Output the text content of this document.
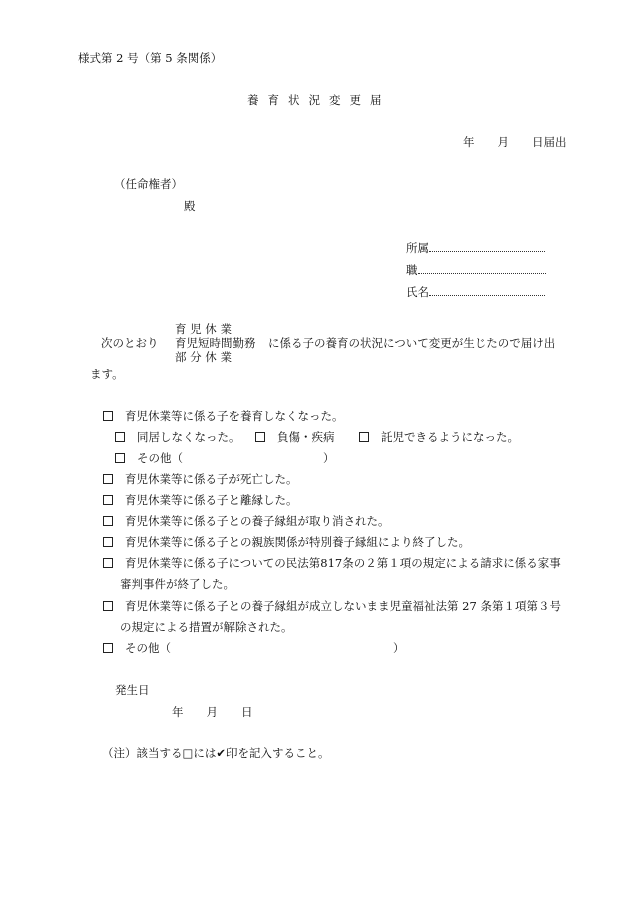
様式第 2 号（第 5 条関係）
養育状況変更届
年　　月　　日届出
（任命権者）
殿
所属
職
氏名
次のとおり
育 児 休 業
育児短時間勤務
部 分 休 業
に係る子の養育の状況について変更が生じたので届け出
ます。
育児休業等に係る子を養育しなくなった。
同居しなくなった。	負傷・疾病	託児できるようになった。
その他（	）
育児休業等に係る子が死亡した。
育児休業等に係る子と離縁した。
育児休業等に係る子との養子縁組が取り消された。
育児休業等に係る子との親族関係が特別養子縁組により終了した。
育児休業等に係る子についての民法第817条の２第１項の規定による請求に係る家事
審判事件が終了した。
育児休業等に係る子との養子縁組が成立しないまま児童福祉法第 27 条第１項第３号
の規定による措置が解除された。
その他（	）
発生日
年　　月　　日
（注）該当する□には✔印を記入すること。
